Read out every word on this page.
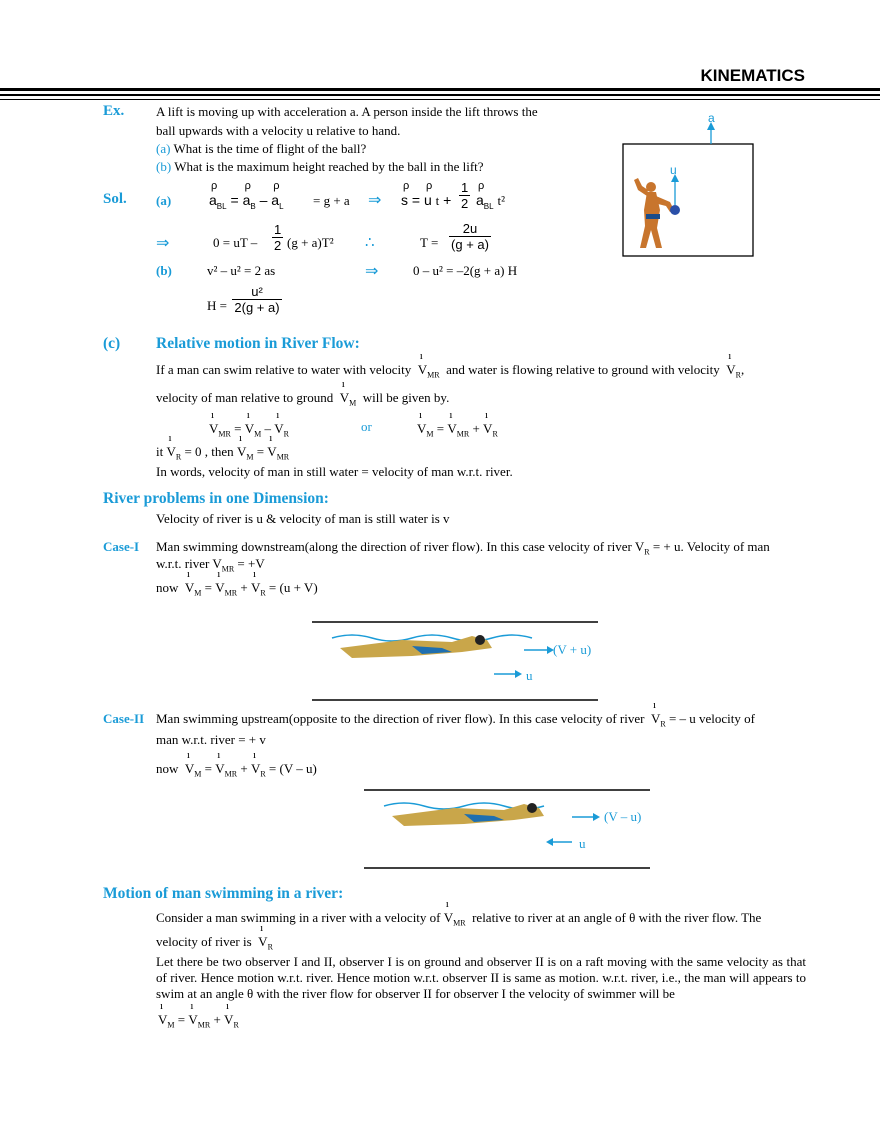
KINEMATICS
Ex. A lift is moving up with acceleration a. A person inside the lift throws the
ball upwards with a velocity u relative to hand.
(a) What is the time of flight of the ball?
(b) What is the maximum height reached by the ball in the lift?
a
u
Sol. (a)	ρ $a_{BL} = \rho$ $a_B$ – ρ $a_L = g + a$ ⇒ ρ s = ρ u $t + \frac{1}{2}$ ρ $a_{BL}$ t²
⇒	0 = uT – $\frac{1}{2} (g + a)T^2$ ∴	$T = \frac{2u}{(g + a)}$
(b)	v² – u² = 2 as	⇒	0 – u² = –2(g + a) H
$H = \frac{\text{u²}}{2(g + a)}$
(c) Relative motion in River Flow:
If a man can swim relative to water with velocity ı $V_{MR}$ and water is flowing relative to ground with velocity ı $V_R$,
velocity of man relative to ground ı $V_M$ will be given by.
ı $V_{MR}$ = ı $V_M$ – ı $V_R$
or	ı $V_M$ = ı $V_{MR}$ + ı $V_R$
it ı $V_R = 0$ , then ı $V_M$ = ı $V_{MR}$
In words, velocity of man in still water = velocity of man w.r.t. river.
River problems in one Dimension:
Velocity of river is u & velocity of man is still water is v
Case-I Man swimming downstream(along the direction of river flow). In this case velocity of river $V_R$ = + u. Velocity of man
w.r.t. river $V_{MR} = +V$
now ı $V_M$ = ı $V_{MR}$ + ı $V_R = (u + V)$
(V + u)
u
Case-II Man swimming upstream(opposite to the direction of river flow). In this case velocity of river ı $V_R$ = – u velocity of
man w.r.t. river = + v
now ı $V_M$ = ı $V_{MR}$ + ı $V_R = (V - u)$
(V – u)
u
Motion of man swimming in a river:
Consider a man swimming in a river with a velocity of ı $V_{MR}$ relative to river at an angle of θ with the river flow. The
velocity of river is ı $V_R$
Let there be two observer I and II, observer I is on ground and observer II is on a raft moving with the same velocity as that of river. Hence motion w.r.t. river. Hence motion w.r.t. observer II is same as motion. w.r.t. river, i.e., the man will appears to swim at an angle θ with the river flow for observer II for observer I the velocity of swimmer will be
ı $V_M$ = ı $V_{MR}$ + ı $V_R$
